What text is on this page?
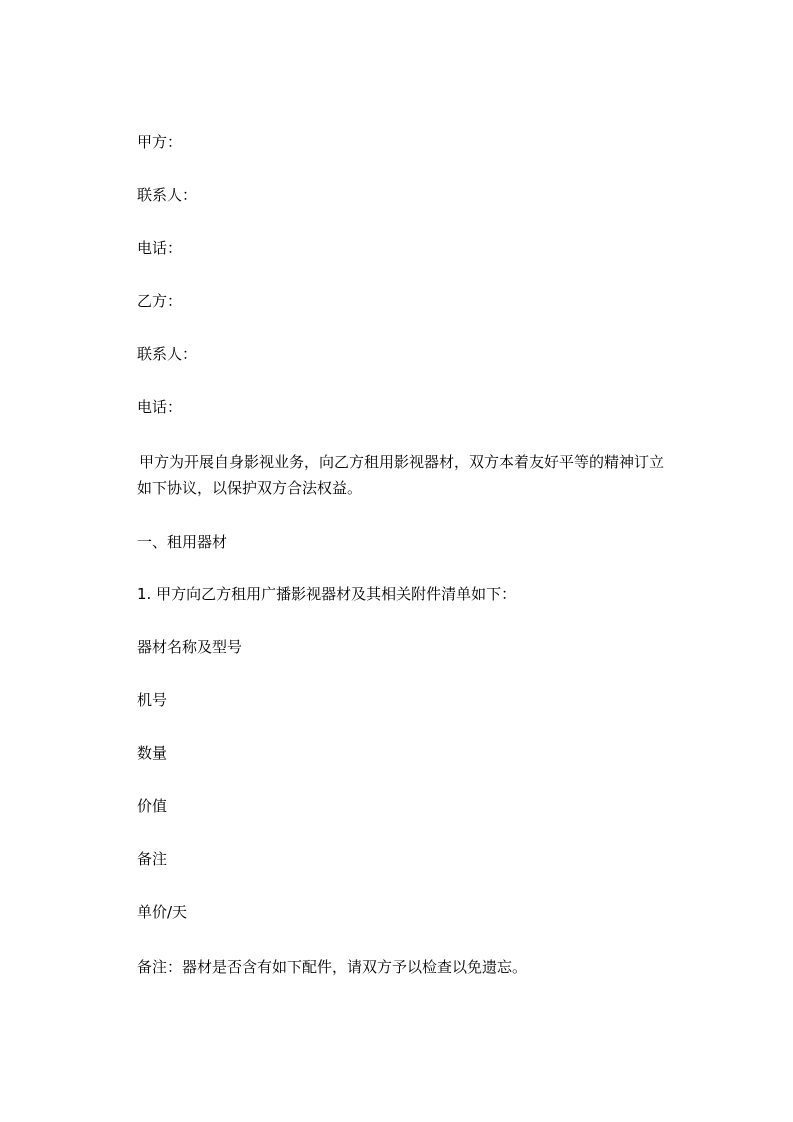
甲方：
联系人：
电话：
乙方：
联系人：
电话：
甲方为开展自身影视业务，向乙方租用影视器材，双方本着友好平等的精神订立
如下协议，以保护双方合法权益。
一、租用器材
1. 甲方向乙方租用广播影视器材及其相关附件清单如下：
器材名称及型号
机号
数量
价值
备注
单价/天
备注：器材是否含有如下配件，请双方予以检查以免遗忘。
